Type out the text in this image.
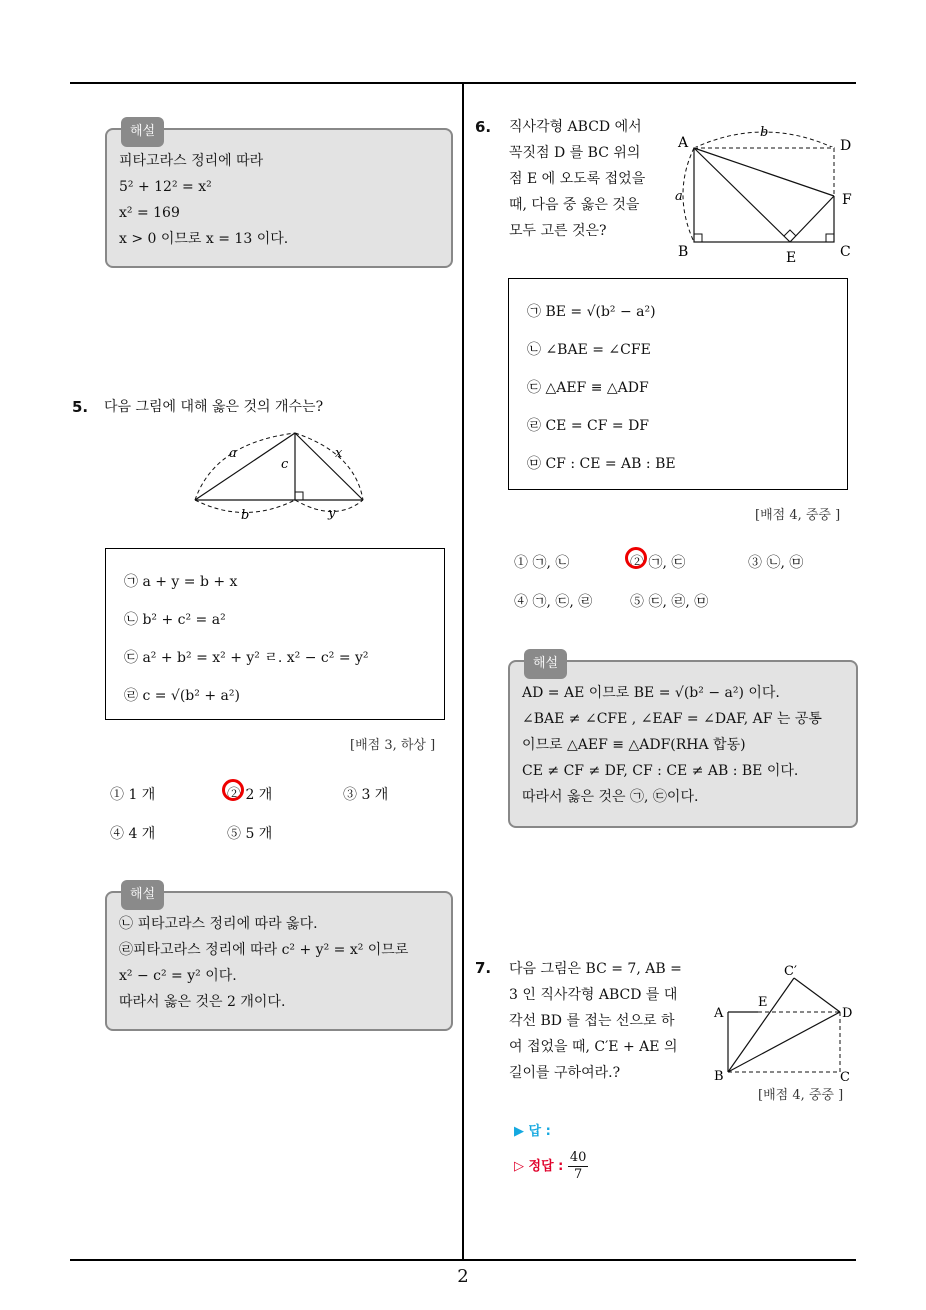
해설
피타고라스 정리에 따라
5² + 12² = x²
x² = 169
x > 0 이므로 x = 13 이다.
5. 다음 그림에 대해 옳은 것의 개수는?
a
c
x
b	y
㉠ a + y = b + x
㉡ b² + c² = a²
㉢ a² + b² = x² + y² ㄹ. x² − c² = y²
㉣ c = √(b² + a²)
[배점 3, 하상 ]
① 1 개	② 2 개	③ 3 개
④ 4 개	⑤ 5 개
해설
㉡ 피타고라스 정리에 따라 옳다.
㉣피타고라스 정리에 따라 c² + y² = x² 이므로
x² − c² = y² 이다.
따라서 옳은 것은 2 개이다.
6. 직사각형 ABCD 에서
꼭짓점 D 를 BC 위의
점 E 에 오도록 접었을
때, 다음 중 옳은 것을
모두 고른 것은?
A
b
D
a	F
B	E	C
㉠ BE = √(b² − a²)
㉡ ∠BAE = ∠CFE
㉢ △AEF ≡ △ADF
㉣ CE = CF = DF
㉤ CF : CE = AB : BE
[배점 4, 중중 ]
① ㉠, ㉡	② ㉠, ㉢	③ ㉡, ㉤
④ ㉠, ㉢, ㉣	⑤ ㉢, ㉣, ㉤
해설
AD = AE 이므로 BE = √(b² − a²) 이다.
∠BAE ≠ ∠CFE , ∠EAF = ∠DAF, AF 는 공통
이므로 △AEF ≡ △ADF(RHA 합동)
CE ≠ CF ≠ DF, CF : CE ≠ AB : BE 이다.
따라서 옳은 것은 ㉠, ㉢이다.
7. 다음 그림은 BC = 7, AB =
3 인 직사각형 ABCD 를 대
각선 BD 를 접는 선으로 하
여 접었을 때, C′E + AE 의
길이를 구하여라.?
C′
E
A	D
B	C
[배점 4, 중중 ]
▶ 답 :
▷ 정답 : $\frac{40}{7}$
2
